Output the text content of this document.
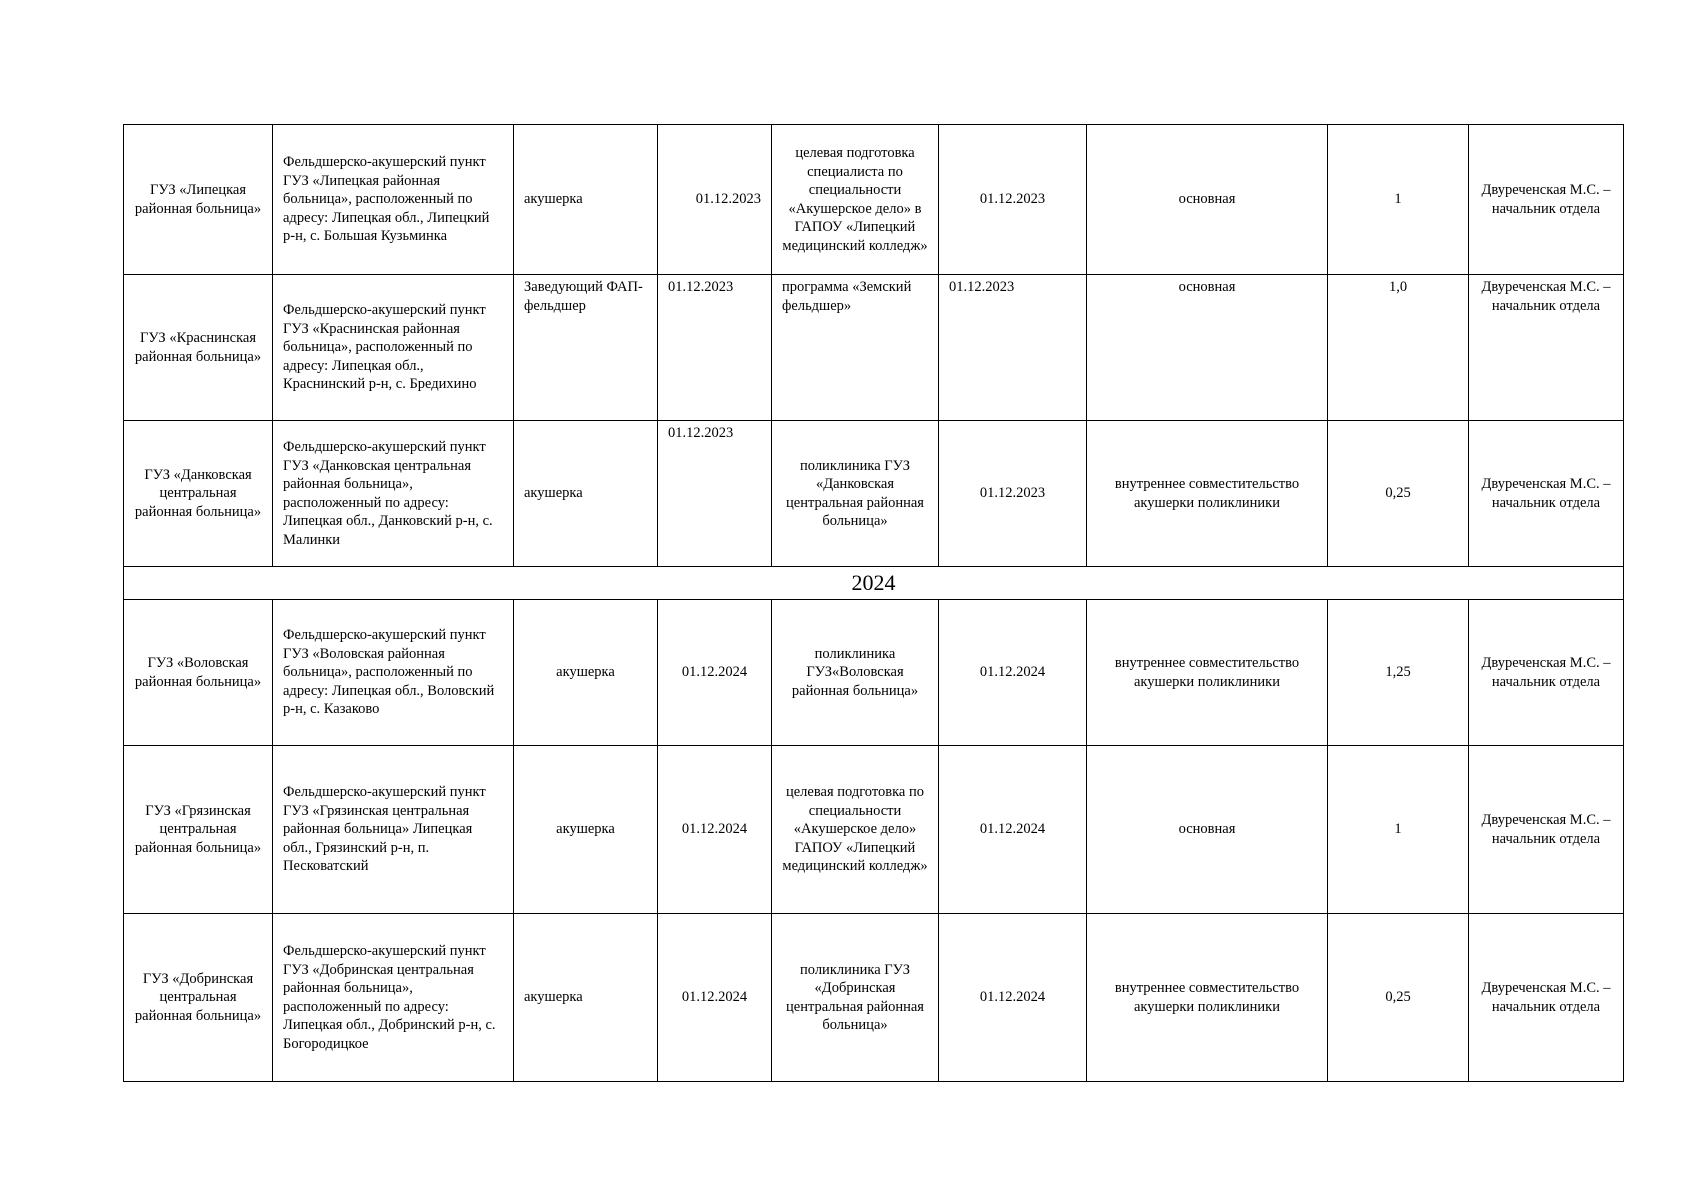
ГУЗ «Липецкая районная больница»	Фельдшерско-акушерский пункт ГУЗ «Липецкая районная больница», расположенный по адресу: Липецкая обл., Липецкий р-н, с. Большая Кузьминка	акушерка	01.12.2023	целевая подготовка специалиста по специальности «Акушерское дело» в ГАПОУ «Липецкий медицинский колледж»	01.12.2023	основная	1	Двуреченская М.С. – начальник отдела
ГУЗ «Краснинская районная больница»	Фельдшерско-акушерский пункт ГУЗ «Краснинская районная больница», расположенный по адресу: Липецкая обл., Краснинский р-н, с. Бредихино	Заведующий ФАП-фельдшер	01.12.2023	программа «Земский фельдшер»	01.12.2023	основная	1,0	Двуреченская М.С. – начальник отдела
ГУЗ «Данковская центральная районная больница»	Фельдшерско-акушерский пункт ГУЗ «Данковская центральная районная больница», расположенный по адресу: Липецкая обл., Данковский р-н, с. Малинки	акушерка	01.12.2023	поликлиника ГУЗ «Данковская центральная районная больница»	01.12.2023	внутреннее совместительство акушерки поликлиники	0,25	Двуреченская М.С. – начальник отдела
2024								
ГУЗ «Воловская районная больница»	Фельдшерско-акушерский пункт ГУЗ «Воловская районная больница», расположенный по адресу: Липецкая обл., Воловский р-н, с. Казаково	акушерка	01.12.2024	поликлиника ГУЗ«Воловская районная больница»	01.12.2024	внутреннее совместительство акушерки поликлиники	1,25	Двуреченская М.С. – начальник отдела
ГУЗ «Грязинская центральная районная больница»	Фельдшерско-акушерский пункт ГУЗ «Грязинская центральная районная больница» Липецкая обл., Грязинский р-н, п. Песковатский	акушерка	01.12.2024	целевая подготовка по специальности «Акушерское дело» ГАПОУ «Липецкий медицинский колледж»	01.12.2024	основная	1	Двуреченская М.С. – начальник отдела
ГУЗ «Добринская центральная районная больница»	Фельдшерско-акушерский пункт ГУЗ «Добринская центральная районная больница», расположенный по адресу: Липецкая обл., Добринский р-н, с. Богородицкое	акушерка	01.12.2024	поликлиника ГУЗ «Добринская центральная районная больница»	01.12.2024	внутреннее совместительство акушерки поликлиники	0,25	Двуреченская М.С. – начальник отдела
